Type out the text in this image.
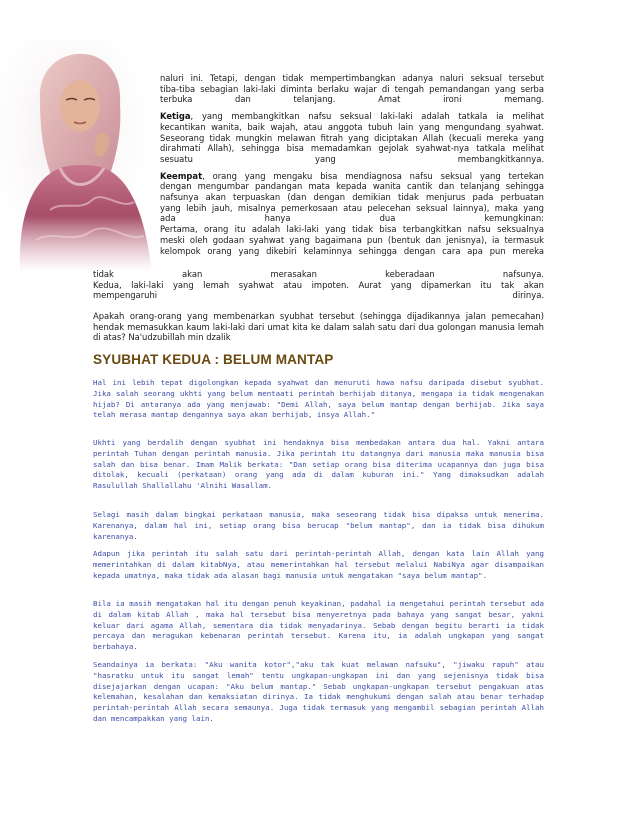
naluri ini. Tetapi, dengan tidak mempertimbangkan adanya naluri seksual tersebut
tiba-tiba sebagian laki-laki diminta berlaku wajar di tengah pemandangan yang serba
terbuka dan telanjang. Amat ironi memang.

Ketiga, yang membangkitkan nafsu seksual laki-laki adalah tatkala ia melihat
kecantikan wanita, baik wajah, atau anggota tubuh lain yang mengundang syahwat.
Seseorang tidak mungkin melawan fitrah yang diciptakan Allah (kecuali mereka yang
dirahmati Allah), sehingga bisa memadamkan gejolak syahwat-nya tatkala melihat
sesuatu yang membangkitkannya.

Keempat, orang yang mengaku bisa mendiagnosa nafsu seksual yang tertekan
dengan mengumbar pandangan mata kepada wanita cantik dan telanjang sehingga
nafsunya akan terpuaskan (dan dengan demikian tidak menjurus pada perbuatan
yang lebih jauh, misalnya pemerkosaan atau pelecehan seksual lainnya), maka yang
ada hanya dua kemungkinan:
Pertama, orang itu adalah laki-laki yang tidak bisa terbangkitkan nafsu seksualnya
meski oleh godaan syahwat yang bagaimana pun (bentuk dan jenisnya), ia termasuk
kelompok orang yang dikebiri kelaminnya sehingga dengan cara apa pun mereka

tidak akan merasakan keberadaan nafsunya.
Kedua, laki-laki yang lemah syahwat atau impoten. Aurat yang dipamerkan itu tak akan
mempengaruhi dirinya.

Apakah orang-orang yang membenarkan syubhat tersebut (sehingga dijadikannya jalan pemecahan) hendak memasukkan kaum laki-laki dari umat kita ke dalam salah satu dari dua golongan manusia lemah di atas? Na'udzubillah min dzalik

SYUBHAT KEDUA : BELUM MANTAP

Hal ini lebih tepat digolongkan kepada syahwat dan menuruti hawa nafsu daripada disebut syubhat. Jika salah seorang ukhti yang belum mentaati perintah berhijab ditanya, mengapa ia tidak mengenakan hijab? Di antaranya ada yang menjawab: "Demi Allah, saya belum mantap dengan berhijab. Jika saya telah merasa mantap dengannya saya akan berhijab, insya Allah."

Ukhti yang berdalih dengan syubhat ini hendaknya bisa membedakan antara dua hal. Yakni antara perintah Tuhan dengan perintah manusia. Jika perintah itu datangnya dari manusia maka manusia bisa salah dan bisa benar. Imam Malik berkata: "Dan setiap orang bisa diterima ucapannya dan juga bisa ditolak, kecuali (perkataan) orang yang ada di dalam kuburan ini." Yang dimaksudkan adalah Rasulullah Shallallahu 'Alnihi Wasallam.

Selagi masih dalam bingkai perkataan manusia, maka seseorang tidak bisa dipaksa untuk menerima. Karenanya, dalam hal ini, setiap orang bisa berucap "belum mantap", dan ia tidak bisa dihukum karenanya.

Adapun jika perintah itu salah satu dari perintah-perintah Allah, dengan kata lain Allah yang memerintahkan di dalam kitabNya, atau memerintahkan hal tersebut melalui NabiNya agar disampaikan kepada umatnya, maka tidak ada alasan bagi manusia untuk mengatakan "saya belum mantap".

Bila ia masih mengatakan hal itu dengan penuh keyakinan, padahal ia mengetahui perintah tersebut ada di dalam kitab Allah , maka hal tersebut bisa menyeretnya pada bahaya yang sangat besar, yakni keluar dari agama Allah, sementara dia tidak menyadarinya. Sebab dengan begitu berarti ia tidak percaya dan meragukan kebenaran perintah tersebut. Karena itu, ia adalah ungkapan yang sangat berbahaya.

Seandainya ia berkata: "Aku wanita kotor","aku tak kuat melawan nafsuku", "jiwaku rapuh" atau "hasratku untuk itu sangat lemah" tentu ungkapan-ungkapan ini dan yang sejenisnya tidak bisa disejajarkan dengan ucapan: "Aku belum mantap." Sebab ungkapan-ungkapan tersebut pengakuan atas kelemahan, kesalahan dan kemaksiatan dirinya. Ia tidak menghukumi dengan salah atau benar terhadap perintah-perintah Allah secara semaunya. Juga tidak termasuk yang mengambil sebagian perintah Allah dan mencampakkan yang lain.
